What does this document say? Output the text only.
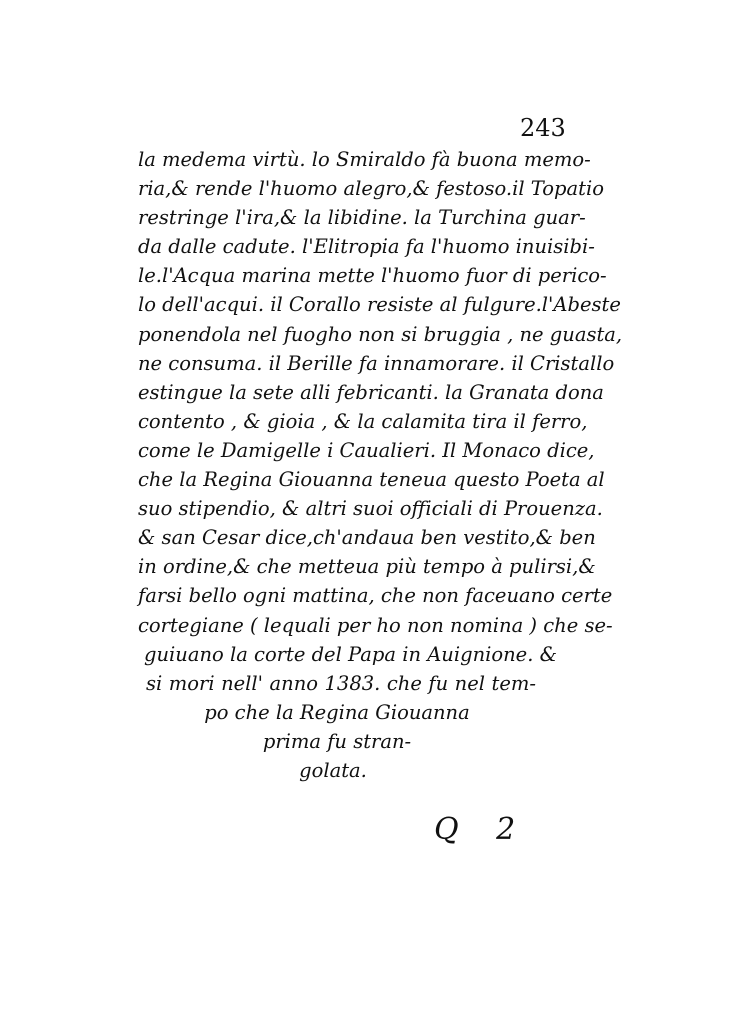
243
la medema virtù. lo Smiraldo fà buona memo-
ria,& rende l'huomo alegro,& festoso.il Topatio
restringe l'ira,& la libidine. la Turchina guar-
da dalle cadute. l'Elitropia fa l'huomo inuisibi-
le.l'Acqua marina mette l'huomo fuor di perico-
lo dell'acqui. il Corallo resiste al fulgure.l'Abeste
ponendola nel fuogho non si bruggia , ne guasta,
ne consuma. il Berille fa innamorare. il Cristallo
estingue la sete alli febricanti. la Granata dona
contento , & gioia , & la calamita tira il ferro,
come le Damigelle i Caualieri. Il Monaco dice,
che la Regina Giouanna teneua questo Poeta al
suo stipendio, & altri suoi officiali di Prouenza.
& san Cesar dice,ch'andaua ben vestito,& ben
in ordine,& che metteua più tempo à pulirsi,&
farsi bello ogni mattina, che non faceuano certe
cortegiane ( lequali per ho non nomina ) che se-
guiuano la corte del Papa in Auignione. &
si mori nell' anno 1383. che fu nel tem-
po che la Regina Giouanna
prima fu stran-
golata.
Q 2
